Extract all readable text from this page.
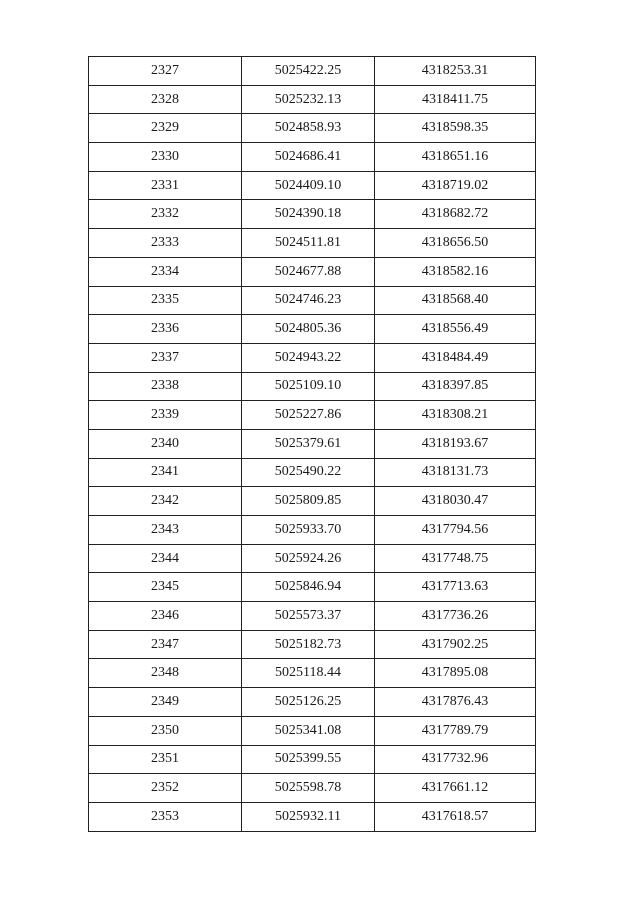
2327	5025422.25	4318253.31
2328	5025232.13	4318411.75
2329	5024858.93	4318598.35
2330	5024686.41	4318651.16
2331	5024409.10	4318719.02
2332	5024390.18	4318682.72
2333	5024511.81	4318656.50
2334	5024677.88	4318582.16
2335	5024746.23	4318568.40
2336	5024805.36	4318556.49
2337	5024943.22	4318484.49
2338	5025109.10	4318397.85
2339	5025227.86	4318308.21
2340	5025379.61	4318193.67
2341	5025490.22	4318131.73
2342	5025809.85	4318030.47
2343	5025933.70	4317794.56
2344	5025924.26	4317748.75
2345	5025846.94	4317713.63
2346	5025573.37	4317736.26
2347	5025182.73	4317902.25
2348	5025118.44	4317895.08
2349	5025126.25	4317876.43
2350	5025341.08	4317789.79
2351	5025399.55	4317732.96
2352	5025598.78	4317661.12
2353	5025932.11	4317618.57
